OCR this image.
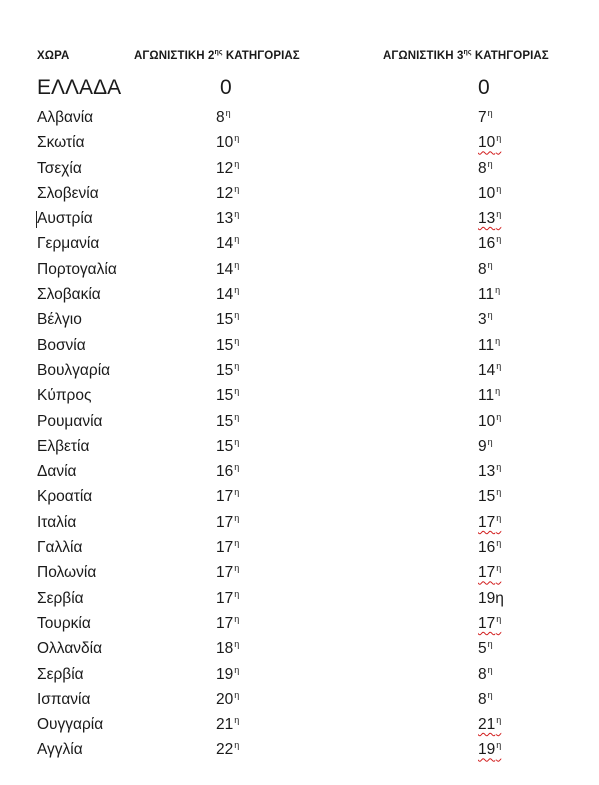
ΧΩΡΑ	ΑΓΩΝΙΣΤΙΚΗ $2^{\eta\varsigma}$ ΚΑΤΗΓΟΡΙΑΣ	ΑΓΩΝΙΣΤΙΚΗ $3^{\eta\varsigma}$ ΚΑΤΗΓΟΡΙΑΣ
ΕΛΛΑΔΑ	0	0
Αλβανία	$8^\eta$	$7^\eta$
Σκωτία	$10^\eta$	$10^\eta$
Τσεχία	$12^\eta$	$8^\eta$
Σλοβενία	$12^\eta$	$10^\eta$
Αυστρία	$13^\eta$	$13^\eta$
Γερμανία	$14^\eta$	$16^\eta$
Πορτογαλία	$14^\eta$	$8^\eta$
Σλοβακία	$14^\eta$	$11^\eta$
Βέλγιο	$15^\eta$	$3^\eta$
Βοσνία	$15^\eta$	$11^\eta$
Βουλγαρία	$15^\eta$	$14^\eta$
Κύπρος	$15^\eta$	$11^\eta$
Ρουμανία	$15^\eta$	$10^\eta$
Ελβετία	$15^\eta$	$9^\eta$
Δανία	$16^\eta$	$13^\eta$
Κροατία	$17^\eta$	$15^\eta$
Ιταλία	$17^\eta$	$17^\eta$
Γαλλία	$17^\eta$	$16^\eta$
Πολωνία	$17^\eta$	$17^\eta$
Σερβία	$17^\eta$	19η
Τουρκία	$17^\eta$	$17^\eta$
Ολλανδία	$18^\eta$	$5^\eta$
Σερβία	$19^\eta$	$8^\eta$
Ισπανία	$20^\eta$	$8^\eta$
Ουγγαρία	$21^\eta$	$21^\eta$
Αγγλία	$22^\eta$	$19^\eta$
